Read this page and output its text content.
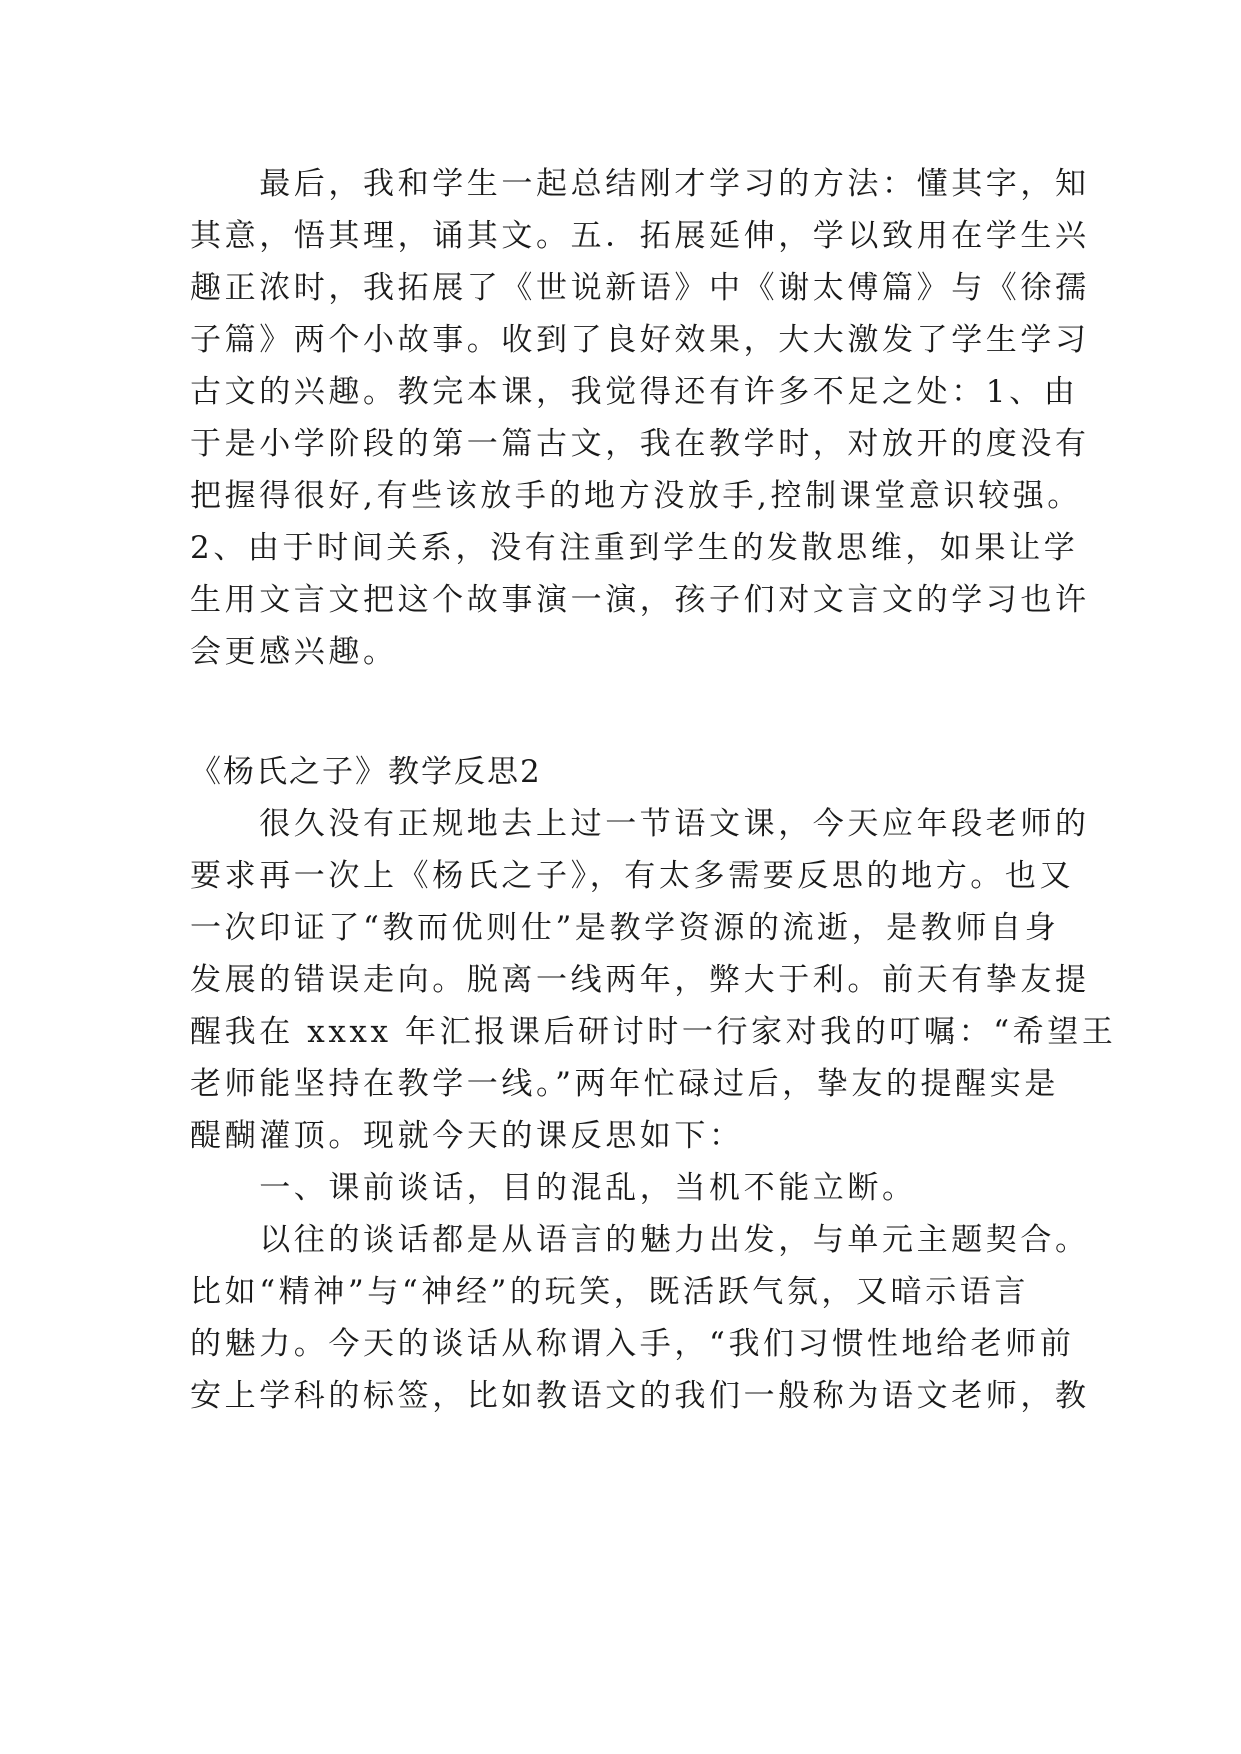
　　最后，我和学生一起总结刚才学习的方法：懂其字，知
其意，悟其理，诵其文。五．拓展延伸，学以致用在学生兴
趣正浓时，我拓展了《世说新语》中《谢太傅篇》与《徐孺
子篇》两个小故事。收到了良好效果，大大激发了学生学习
古文的兴趣。教完本课，我觉得还有许多不足之处：1、由
于是小学阶段的第一篇古文，我在教学时，对放开的度没有
把握得很好,有些该放手的地方没放手,控制课堂意识较强。
2、由于时间关系，没有注重到学生的发散思维，如果让学
生用文言文把这个故事演一演，孩子们对文言文的学习也许
会更感兴趣。
《杨氏之子》教学反思2
　　很久没有正规地去上过一节语文课，今天应年段老师的
要求再一次上《杨氏之子》，有太多需要反思的地方。也又
一次印证了“教而优则仕”是教学资源的流逝，是教师自身
发展的错误走向。脱离一线两年，弊大于利。前天有挚友提
醒我在 xxxx 年汇报课后研讨时一行家对我的叮嘱：“希望王
老师能坚持在教学一线。”两年忙碌过后，挚友的提醒实是
醍醐灌顶。现就今天的课反思如下：
　　一、课前谈话，目的混乱，当机不能立断。
　　以往的谈话都是从语言的魅力出发，与单元主题契合。
比如“精神”与“神经”的玩笑，既活跃气氛，又暗示语言
的魅力。今天的谈话从称谓入手，“我们习惯性地给老师前
安上学科的标签，比如教语文的我们一般称为语文老师，教
